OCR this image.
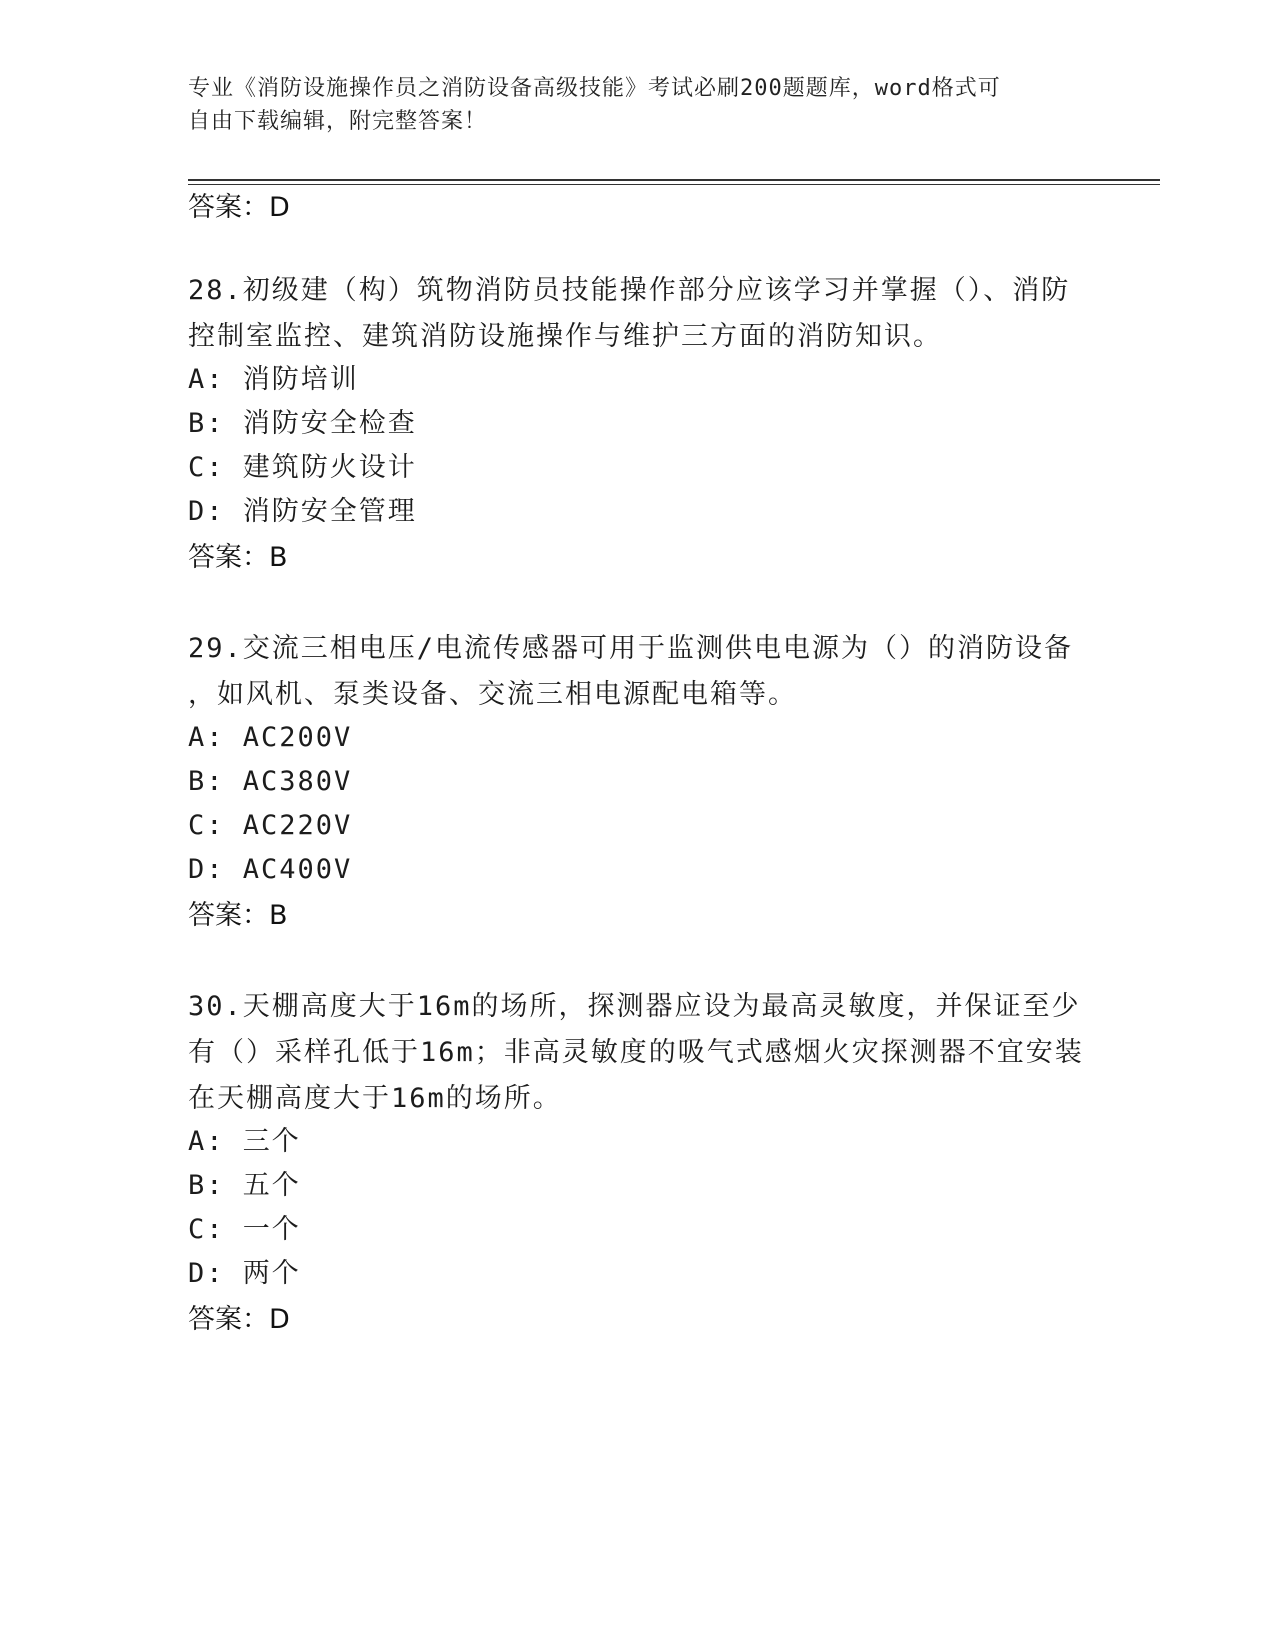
专业《消防设施操作员之消防设备高级技能》考试必刷200题题库，word格式可
自由下载编辑，附完整答案！
答案：D
28.初级建（构）筑物消防员技能操作部分应该学习并掌握（）、消防
控制室监控、建筑消防设施操作与维护三方面的消防知识。
A: 消防培训
B: 消防安全检查
C: 建筑防火设计
D: 消防安全管理
答案：B
29.交流三相电压/电流传感器可用于监测供电电源为（）的消防设备
，如风机、泵类设备、交流三相电源配电箱等。
A: AC200V
B: AC380V
C: AC220V
D: AC400V
答案：B
30.天棚高度大于16m的场所，探测器应设为最高灵敏度，并保证至少
有（）采样孔低于16m；非高灵敏度的吸气式感烟火灾探测器不宜安装
在天棚高度大于16m的场所。
A: 三个
B: 五个
C: 一个
D: 两个
答案：D
